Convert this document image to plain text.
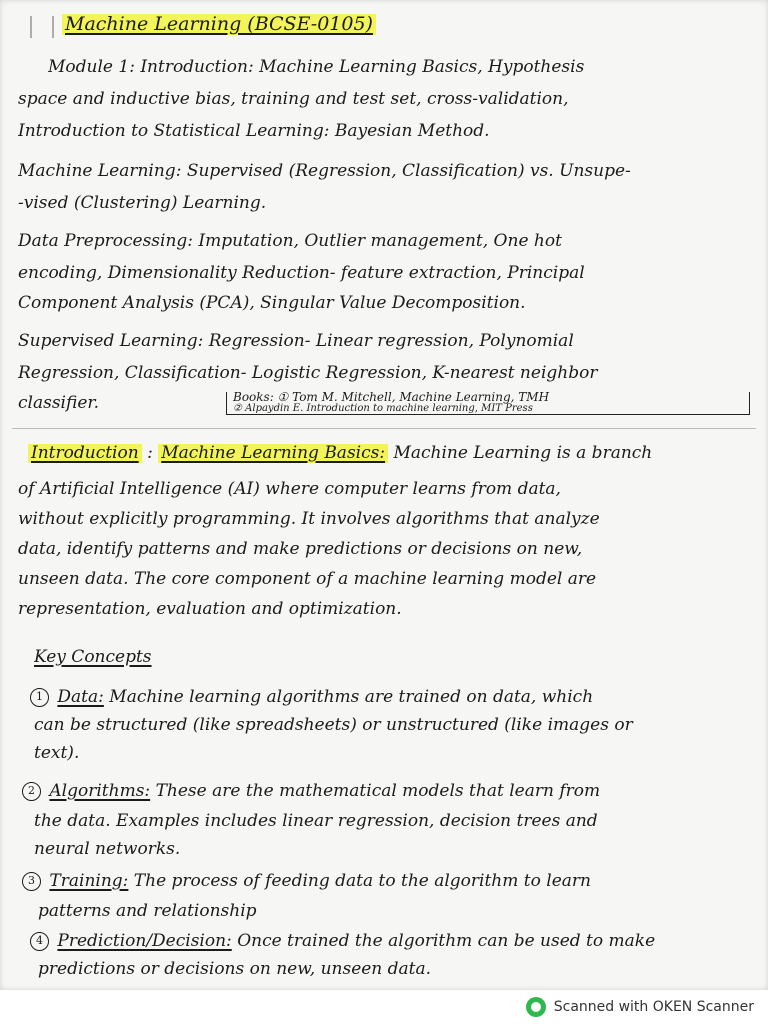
Machine Learning (BCSE-0105)
Module 1: Introduction: Machine Learning Basics, Hypothesis
space and inductive bias, training and test set, cross-validation,
Introduction to Statistical Learning: Bayesian Method.
Machine Learning: Supervised (Regression, Classification) vs. Unsupe-
-vised (Clustering) Learning.
Data Preprocessing: Imputation, Outlier management, One hot
encoding, Dimensionality Reduction- feature extraction, Principal
Component Analysis (PCA), Singular Value Decomposition.
Supervised Learning: Regression- Linear regression, Polynomial
Regression, Classification- Logistic Regression, K-nearest neighbor
classifier.	Books: ① Tom M. Mitchell, Machine Learning, TMH
② Alpaydin E. Introduction to machine learning, MIT Press
Introduction : Machine Learning Basics: Machine Learning is a branch
of Artificial Intelligence (AI) where computer learns from data,
without explicitly programming. It involves algorithms that analyze
data, identify patterns and make predictions or decisions on new,
unseen data. The core component of a machine learning model are
representation, evaluation and optimization.
Key Concepts
1 Data: Machine learning algorithms are trained on data, which
can be structured (like spreadsheets) or unstructured (like images or
text).
2 Algorithms: These are the mathematical models that learn from
the data. Examples includes linear regression, decision trees and
neural networks.
3 Training: The process of feeding data to the algorithm to learn
patterns and relationship
4 Prediction/Decision: Once trained the algorithm can be used to make
predictions or decisions on new, unseen data.
Scanned with OKEN Scanner
